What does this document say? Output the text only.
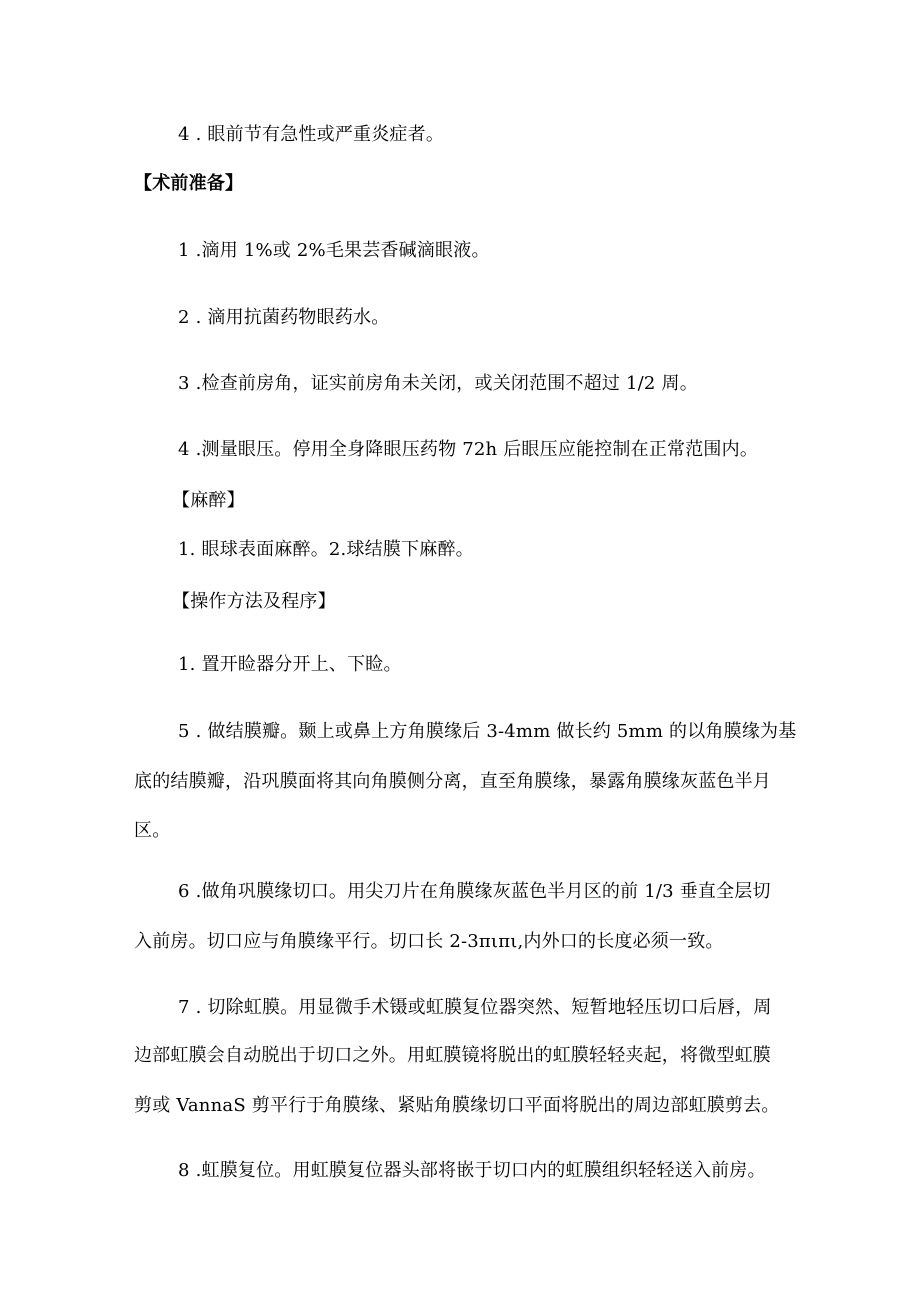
4 . 眼前节有急性或严重炎症者。
【术前准备】
1 .滴用 1%或 2%毛果芸香碱滴眼液。
2 . 滴用抗菌药物眼药水。
3 .检查前房角，证实前房角未关闭，或关闭范围不超过 1/2 周。
4 .测量眼压。停用全身降眼压药物 72h 后眼压应能控制在正常范围内。
【麻醉】
1. 眼球表面麻醉。2.球结膜下麻醉。
【操作方法及程序】
1. 置开睑器分开上、下睑。
5 . 做结膜瓣。颞上或鼻上方角膜缘后 3-4mm 做长约 5mm 的以角膜缘为基
底的结膜瓣，沿巩膜面将其向角膜侧分离，直至角膜缘，暴露角膜缘灰蓝色半月
区。
6 .做角巩膜缘切口。用尖刀片在角膜缘灰蓝色半月区的前 1/3 垂直全层切
入前房。切口应与角膜缘平行。切口长 2-3πιπι,内外口的长度必须一致。
7 . 切除虹膜。用显微手术镊或虹膜复位器突然、短暂地轻压切口后唇，周
边部虹膜会自动脱出于切口之外。用虹膜镜将脱出的虹膜轻轻夹起，将微型虹膜
剪或 VannaS 剪平行于角膜缘、紧贴角膜缘切口平面将脱出的周边部虹膜剪去。
8 .虹膜复位。用虹膜复位器头部将嵌于切口内的虹膜组织轻轻送入前房。
